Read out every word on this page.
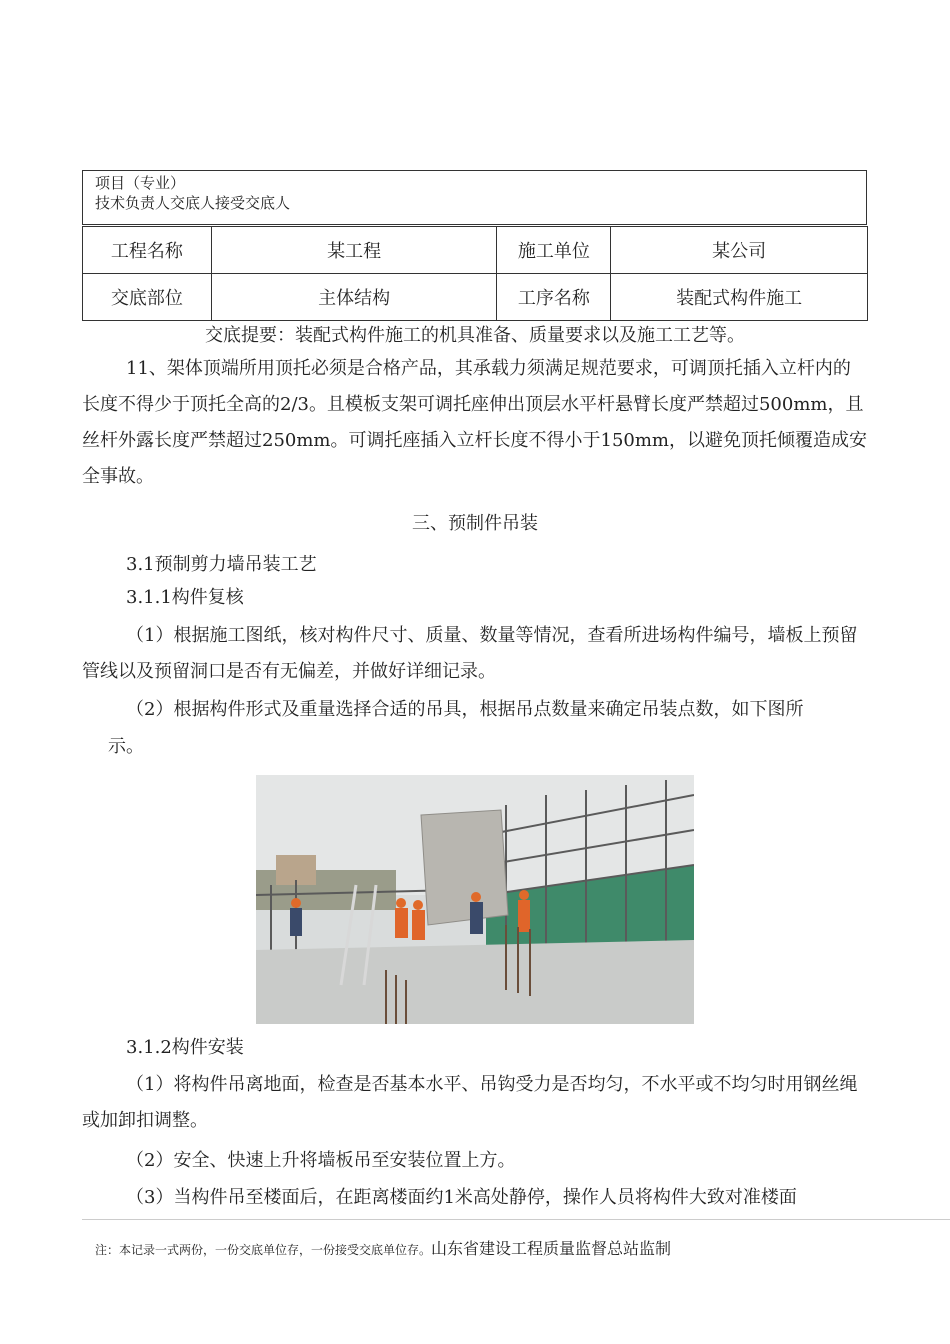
项目（专业）
技术负责人交底人接受交底人
工程名称	某工程	施工单位	某公司
交底部位	主体结构	工序名称	装配式构件施工

交底提要：装配式构件施工的机具准备、质量要求以及施工工艺等。

11、架体顶端所用顶托必须是合格产品，其承载力须满足规范要求，可调顶托插入立杆内的长度不得少于顶托全高的2/3。且模板支架可调托座伸出顶层水平杆悬臂长度严禁超过500mm，且丝杆外露长度严禁超过250mm。可调托座插入立杆长度不得小于150mm，以避免顶托倾覆造成安全事故。

三、预制件吊装

3.1预制剪力墙吊装工艺

3.1.1构件复核

（1）根据施工图纸，核对构件尺寸、质量、数量等情况，查看所进场构件编号，墙板上预留管线以及预留洞口是否有无偏差，并做好详细记录。

（2）根据构件形式及重量选择合适的吊具，根据吊点数量来确定吊装点数，如下图所

示。

3.1.2构件安装

（1）将构件吊离地面，检查是否基本水平、吊钩受力是否均匀，不水平或不均匀时用钢丝绳或加卸扣调整。

（2）安全、快速上升将墙板吊至安装位置上方。

（3）当构件吊至楼面后，在距离楼面约1米高处静停，操作人员将构件大致对准楼面

注：本记录一式两份，一份交底单位存，一份接受交底单位存。山东省建设工程质量监督总站监制
